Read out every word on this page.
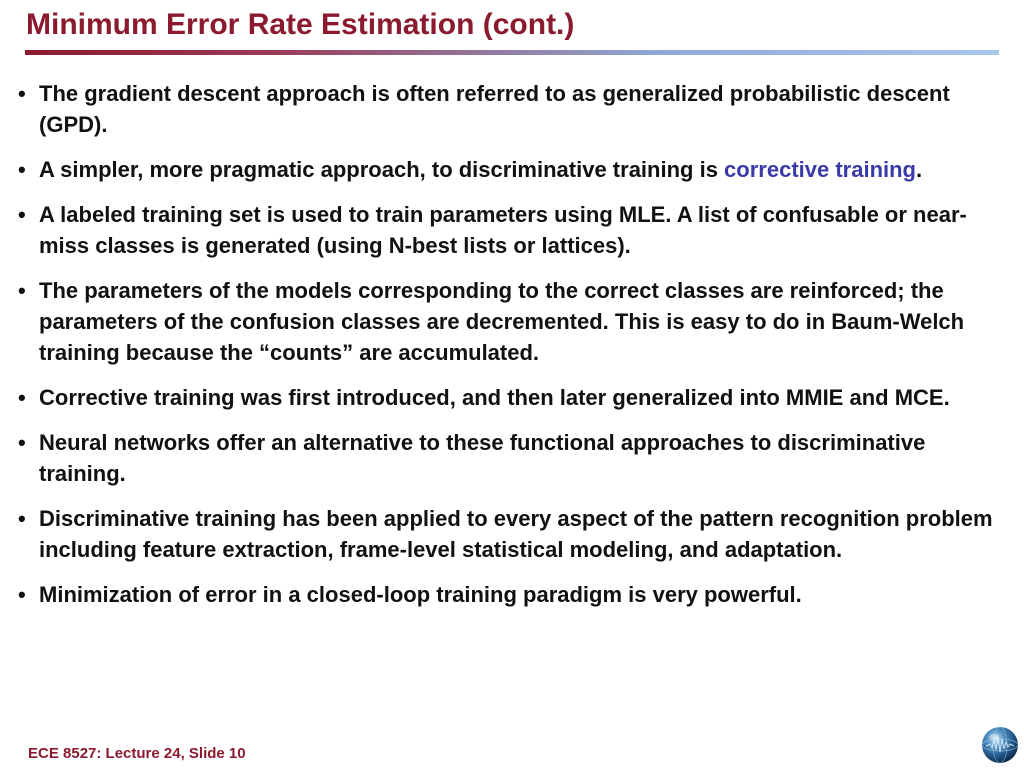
Minimum Error Rate Estimation (cont.)
• The gradient descent approach is often referred to as generalized probabilistic descent (GPD).
• A simpler, more pragmatic approach, to discriminative training is corrective training.
• A labeled training set is used to train parameters using MLE. A list of confusable or near-miss classes is generated (using N-best lists or lattices).
• The parameters of the models corresponding to the correct classes are reinforced; the parameters of the confusion classes are decremented. This is easy to do in Baum-Welch training because the “counts” are accumulated.
• Corrective training was first introduced, and then later generalized into MMIE and MCE.
• Neural networks offer an alternative to these functional approaches to discriminative training.
• Discriminative training has been applied to every aspect of the pattern recognition problem including feature extraction, frame-level statistical modeling, and adaptation.
• Minimization of error in a closed-loop training paradigm is very powerful.
ECE 8527: Lecture 24, Slide 10
